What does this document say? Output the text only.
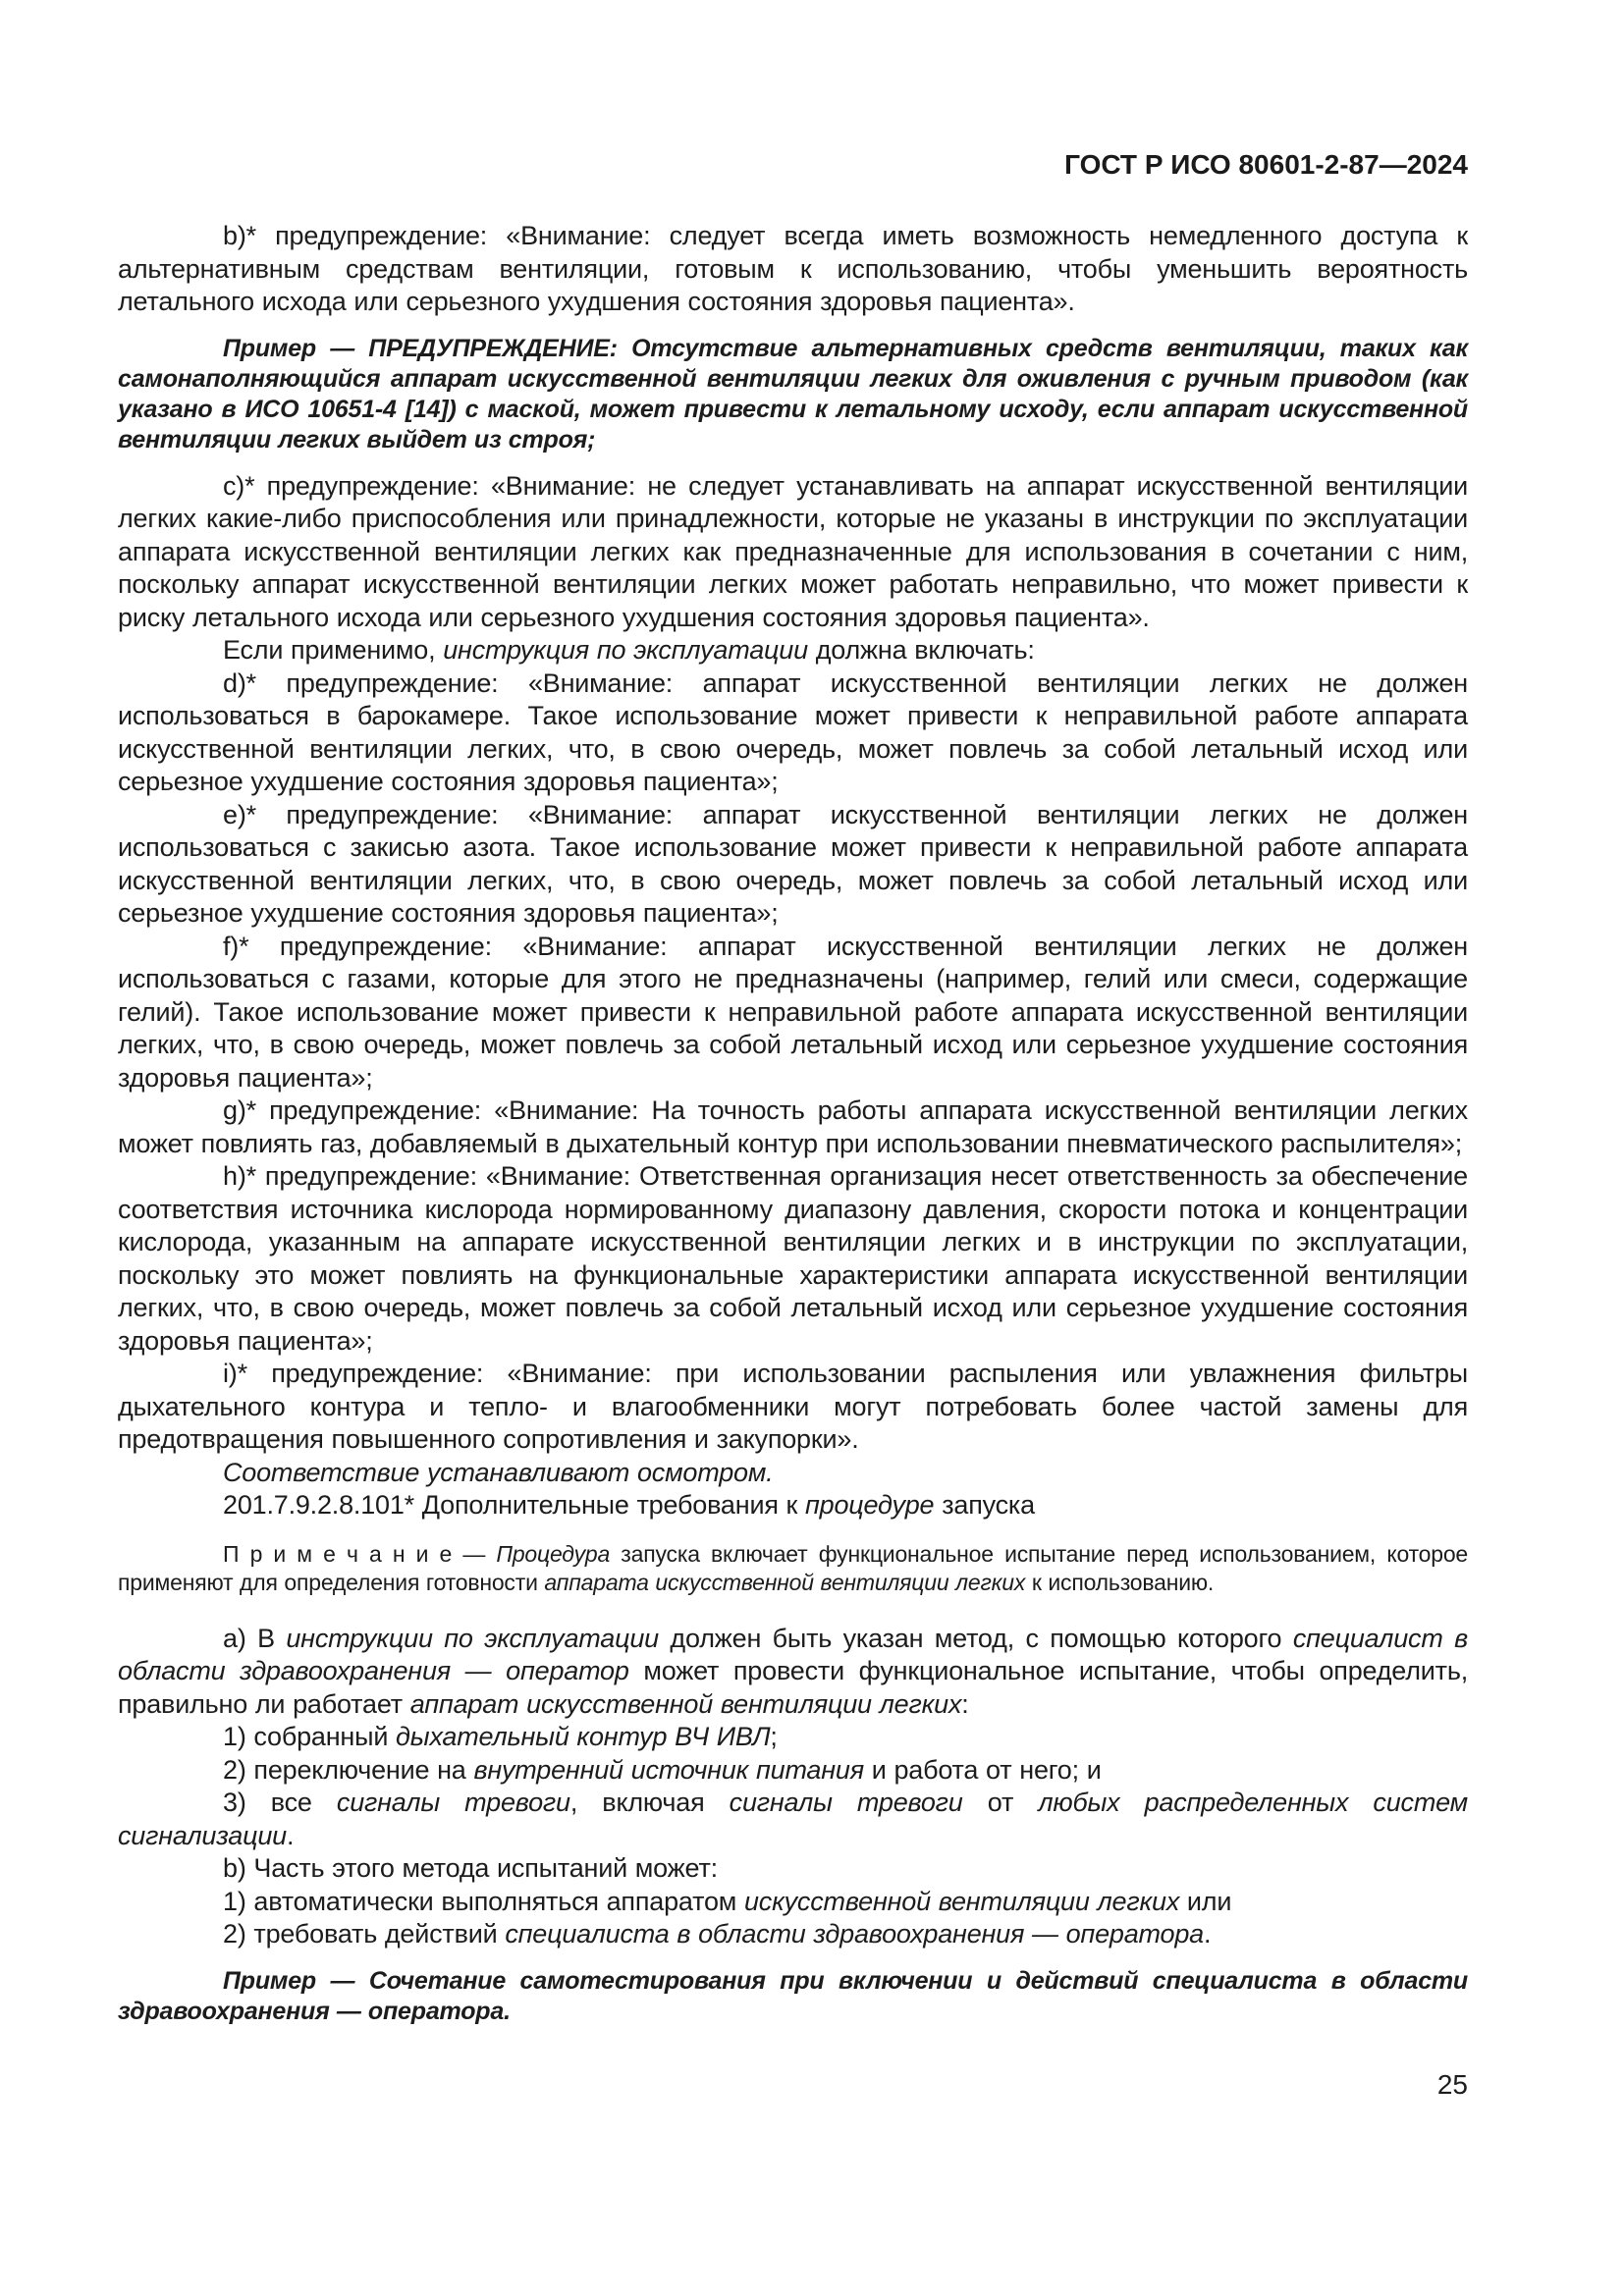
ГОСТ Р ИСО 80601-2-87—2024

b)* предупреждение: «Внимание: следует всегда иметь возможность немедленного доступа к альтернативным средствам вентиляции, готовым к использованию, чтобы уменьшить вероятность летального исхода или серьезного ухудшения состояния здоровья пациента».

Пример — ПРЕДУПРЕЖДЕНИЕ: Отсутствие альтернативных средств вентиляции, таких как самонаполняющийся аппарат искусственной вентиляции легких для оживления с ручным приводом (как указано в ИСО 10651-4 [14]) с маской, может привести к летальному исходу, если аппарат искусственной вентиляции легких выйдет из строя;

c)* предупреждение: «Внимание: не следует устанавливать на аппарат искусственной вентиляции легких какие-либо приспособления или принадлежности, которые не указаны в инструкции по эксплуатации аппарата искусственной вентиляции легких как предназначенные для использования в сочетании с ним, поскольку аппарат искусственной вентиляции легких может работать неправильно, что может привести к риску летального исхода или серьезного ухудшения состояния здоровья пациента».

Если применимо, инструкция по эксплуатации должна включать:

d)* предупреждение: «Внимание: аппарат искусственной вентиляции легких не должен использоваться в барокамере. Такое использование может привести к неправильной работе аппарата искусственной вентиляции легких, что, в свою очередь, может повлечь за собой летальный исход или серьезное ухудшение состояния здоровья пациента»;

e)* предупреждение: «Внимание: аппарат искусственной вентиляции легких не должен использоваться с закисью азота. Такое использование может привести к неправильной работе аппарата искусственной вентиляции легких, что, в свою очередь, может повлечь за собой летальный исход или серьезное ухудшение состояния здоровья пациента»;

f)* предупреждение: «Внимание: аппарат искусственной вентиляции легких не должен использоваться с газами, которые для этого не предназначены (например, гелий или смеси, содержащие гелий). Такое использование может привести к неправильной работе аппарата искусственной вентиляции легких, что, в свою очередь, может повлечь за собой летальный исход или серьезное ухудшение состояния здоровья пациента»;

g)* предупреждение: «Внимание: На точность работы аппарата искусственной вентиляции легких может повлиять газ, добавляемый в дыхательный контур при использовании пневматического распылителя»;

h)* предупреждение: «Внимание: Ответственная организация несет ответственность за обеспечение соответствия источника кислорода нормированному диапазону давления, скорости потока и концентрации кислорода, указанным на аппарате искусственной вентиляции легких и в инструкции по эксплуатации, поскольку это может повлиять на функциональные характеристики аппарата искусственной вентиляции легких, что, в свою очередь, может повлечь за собой летальный исход или серьезное ухудшение состояния здоровья пациента»;

i)* предупреждение: «Внимание: при использовании распыления или увлажнения фильтры дыхательного контура и тепло- и влагообменники могут потребовать более частой замены для предотвращения повышенного сопротивления и закупорки».

Соответствие устанавливают осмотром.

201.7.9.2.8.101* Дополнительные требования к процедуре запуска

П р и м е ч а н и е — Процедура запуска включает функциональное испытание перед использованием, которое применяют для определения готовности аппарата искусственной вентиляции легких к использованию.

a) В инструкции по эксплуатации должен быть указан метод, с помощью которого специалист в области здравоохранения — оператор может провести функциональное испытание, чтобы определить, правильно ли работает аппарат искусственной вентиляции легких:

1) собранный дыхательный контур ВЧ ИВЛ;

2) переключение на внутренний источник питания и работа от него; и

3) все сигналы тревоги, включая сигналы тревоги от любых распределенных систем сигнализации.

b) Часть этого метода испытаний может:

1) автоматически выполняться аппаратом искусственной вентиляции легких или

2) требовать действий специалиста в области здравоохранения — оператора.

Пример — Сочетание самотестирования при включении и действий специалиста в области здравоохранения — оператора.

25
